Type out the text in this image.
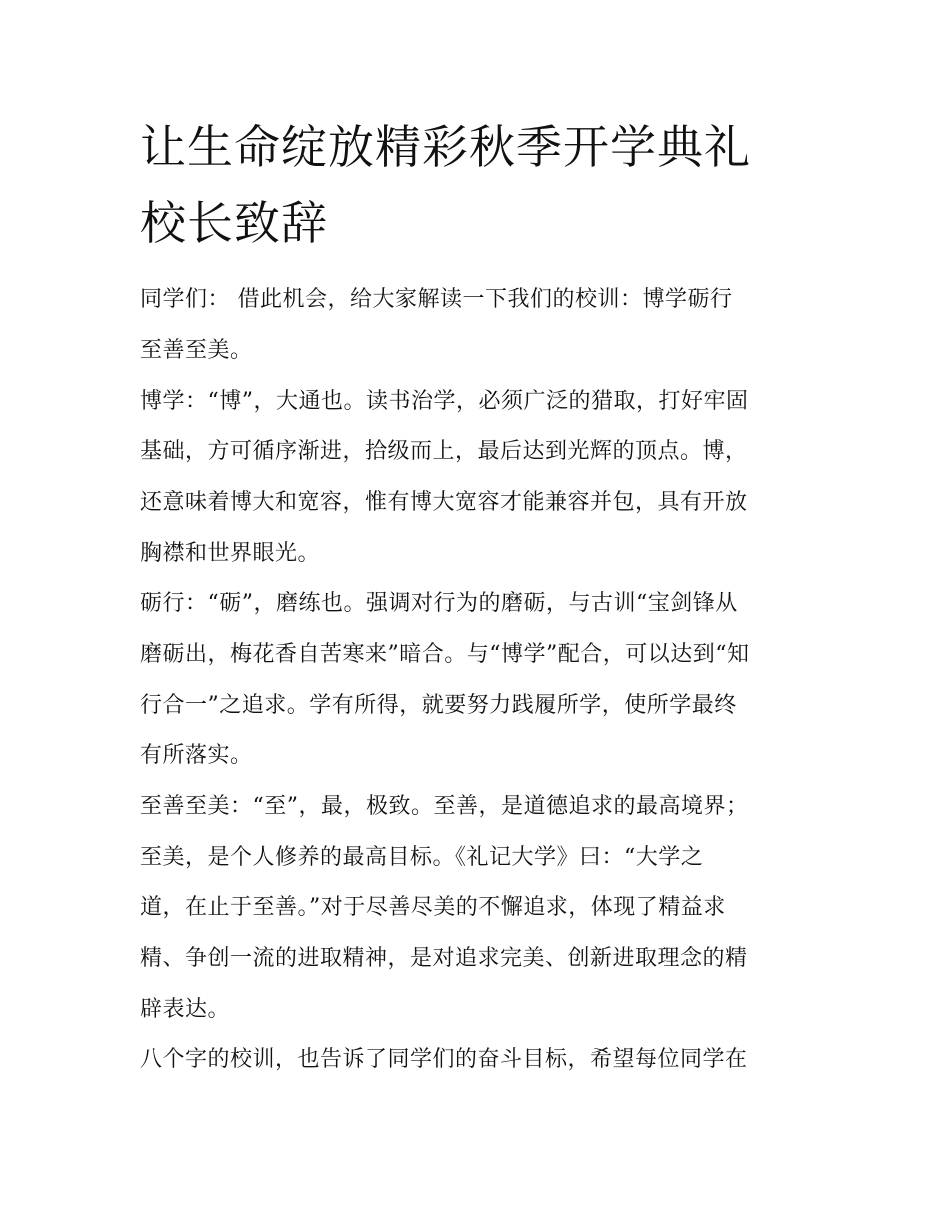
让生命绽放精彩秋季开学典礼
校长致辞
同学们： 借此机会，给大家解读一下我们的校训：博学砺行
至善至美。
博学：“博”，大通也。读书治学，必须广泛的猎取，打好牢固
基础，方可循序渐进，拾级而上，最后达到光辉的顶点。博，
还意味着博大和宽容，惟有博大宽容才能兼容并包，具有开放
胸襟和世界眼光。
砺行：“砺”，磨练也。强调对行为的磨砺，与古训“宝剑锋从
磨砺出，梅花香自苦寒来”暗合。与“博学”配合，可以达到“知
行合一”之追求。学有所得，就要努力践履所学，使所学最终
有所落实。
至善至美：“至”，最，极致。至善，是道德追求的最高境界；
至美，是个人修养的最高目标。《礼记大学》曰：“大学之
道，在止于至善。”对于尽善尽美的不懈追求，体现了精益求
精、争创一流的进取精神，是对追求完美、创新进取理念的精
辟表达。
八个字的校训，也告诉了同学们的奋斗目标，希望每位同学在
